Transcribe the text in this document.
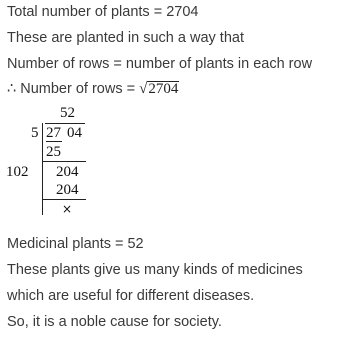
Total number of plants = 2704
These are planted in such a way that
Number of rows = number of plants in each row
∴ Number of rows = √2704
52
5 27 04
25
102 204
204
×
Medicinal plants = 52
These plants give us many kinds of medicines
which are useful for different diseases.
So, it is a noble cause for society.
